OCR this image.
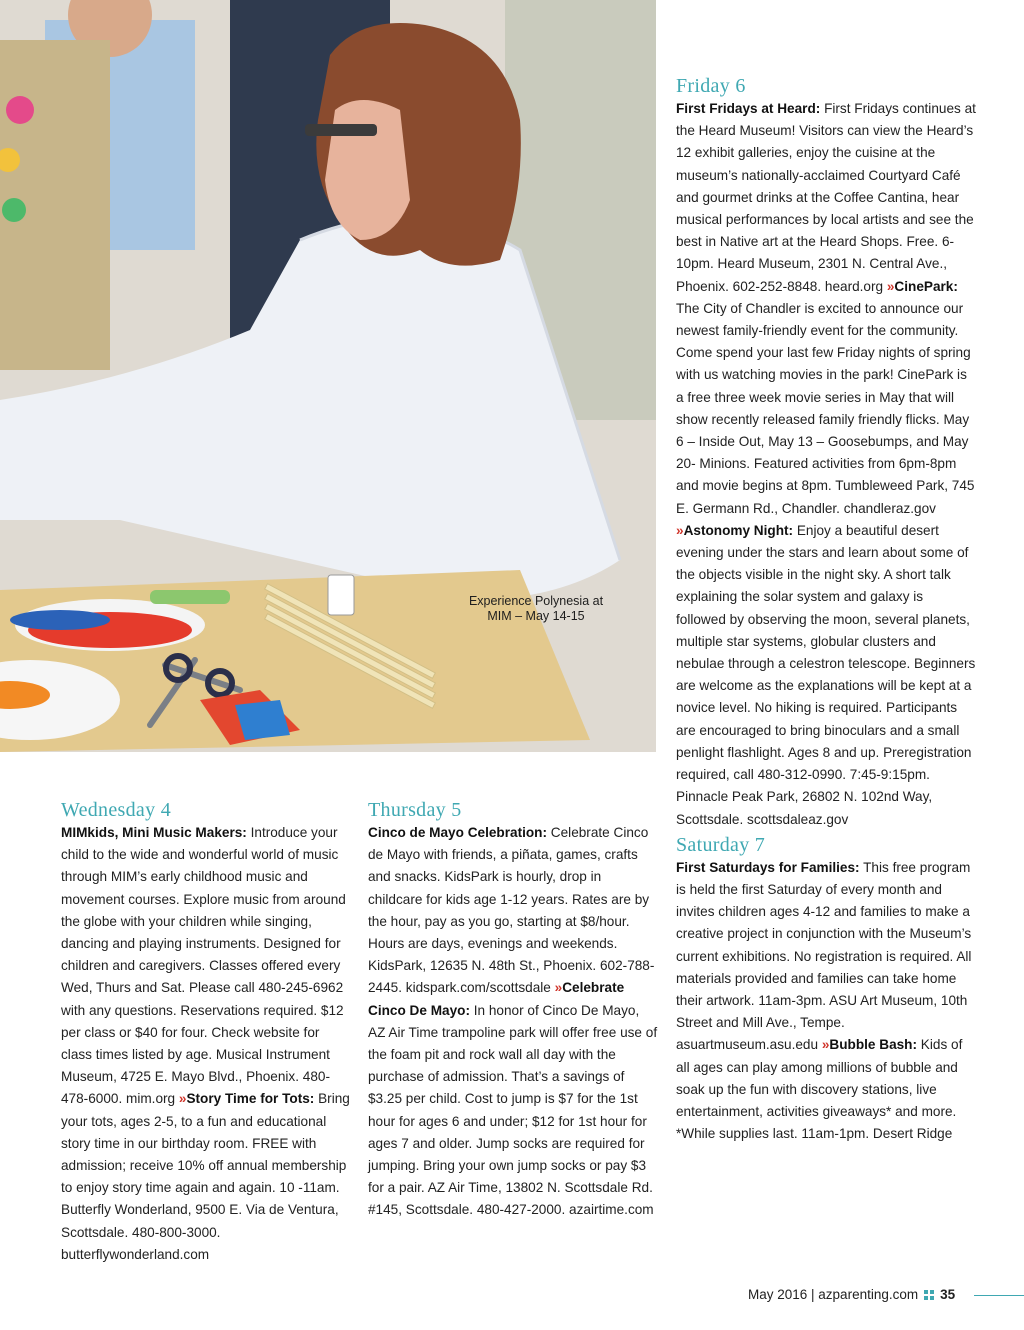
Experience Polynesia at MIM – May 14-15
Friday 6

First Fridays at Heard: First Fridays continues at the Heard Museum! Visitors can view the Heard’s 12 exhibit galleries, enjoy the cuisine at the museum’s nationally-acclaimed Courtyard Café and gourmet drinks at the Coffee Cantina, hear musical performances by local artists and see the best in Native art at the Heard Shops. Free. 6-10pm. Heard Museum, 2301 N. Central Ave., Phoenix. 602-252-8848. heard.org »CinePark: The City of Chandler is excited to announce our newest family-friendly event for the community. Come spend your last few Friday nights of spring with us watching movies in the park! CinePark is a free three week movie series in May that will show recently released family friendly flicks. May 6 – Inside Out, May 13 – Goosebumps, and May 20- Minions. Featured activities from 6pm-8pm and movie begins at 8pm. Tumbleweed Park, 745 E. Germann Rd., Chandler. chandleraz.gov »Astonomy Night: Enjoy a beautiful desert evening under the stars and learn about some of the objects visible in the night sky. A short talk explaining the solar system and galaxy is followed by observing the moon, several planets, multiple star systems, globular clusters and nebulae through a celestron telescope. Beginners are welcome as the explanations will be kept at a novice level. No hiking is required. Participants are encouraged to bring binoculars and a small penlight flashlight. Ages 8 and up. Preregistration required, call 480-312-0990. 7:45-9:15pm. Pinnacle Peak Park, 26802 N. 102nd Way, Scottsdale. scottsdaleaz.gov

Saturday 7

First Saturdays for Families: This free program is held the first Saturday of every month and invites children ages 4-12 and families to make a creative project in conjunction with the Museum’s current exhibitions. No registration is required. All materials provided and families can take home their artwork. 11am-3pm. ASU Art Museum, 10th Street and Mill Ave., Tempe. asuartmuseum.asu.edu »Bubble Bash: Kids of all ages can play among millions of bubble and soak up the fun with discovery stations, live entertainment, activities giveaways* and more. *While supplies last. 11am-1pm. Desert Ridge

Wednesday 4

MIMkids, Mini Music Makers: Introduce your child to the wide and wonderful world of music through MIM’s early childhood music and movement courses. Explore music from around the globe with your children while singing, dancing and playing instruments. Designed for children and caregivers. Classes offered every Wed, Thurs and Sat. Please call 480-245-6962 with any questions. Reservations required. $12 per class or $40 for four. Check website for class times listed by age. Musical Instrument Museum, 4725 E. Mayo Blvd., Phoenix. 480-478-6000. mim.org »Story Time for Tots: Bring your tots, ages 2-5, to a fun and educational story time in our birthday room. FREE with admission; receive 10% off annual membership to enjoy story time again and again. 10 -11am. Butterfly Wonderland, 9500 E. Via de Ventura, Scottsdale. 480-800-3000. butterflywonderland.com

Thursday 5

Cinco de Mayo Celebration: Celebrate Cinco de Mayo with friends, a piñata, games, crafts and snacks. KidsPark is hourly, drop in childcare for kids age 1-12 years. Rates are by the hour, pay as you go, starting at $8/hour. Hours are days, evenings and weekends. KidsPark, 12635 N. 48th St., Phoenix. 602-788-2445. kidspark.com/scottsdale »Celebrate Cinco De Mayo: In honor of Cinco De Mayo, AZ Air Time trampoline park will offer free use of the foam pit and rock wall all day with the purchase of admission. That’s a savings of $3.25 per child. Cost to jump is $7 for the 1st hour for ages 6 and under; $12 for 1st hour for ages 7 and older. Jump socks are required for jumping. Bring your own jump socks or pay $3 for a pair. AZ Air Time, 13802 N. Scottsdale Rd. #145, Scottsdale. 480-427-2000. azairtime.com

May 2016 | azparenting.com 35
